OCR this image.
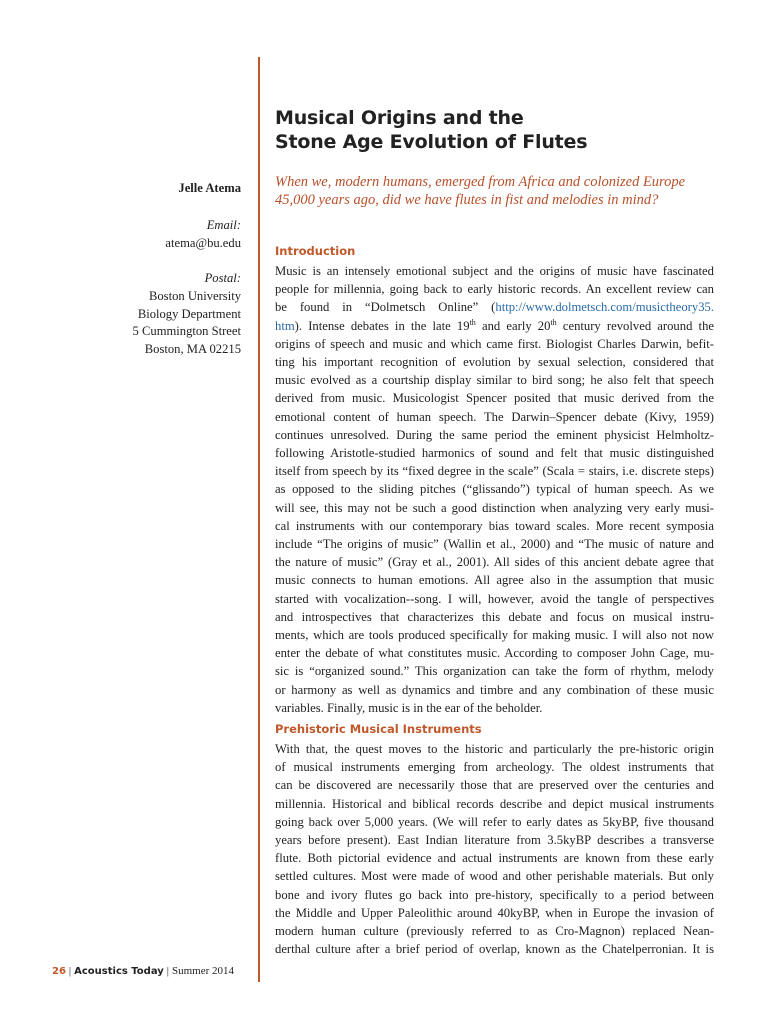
Musical Origins and the
Stone Age Evolution of Flutes

When we, modern humans, emerged from Africa and colonized Europe
45,000 years ago, did we have flutes in fist and melodies in mind?

Jelle Atema
Email:
atema@bu.edu
Postal:
Boston University
Biology Department
5 Cummington Street
Boston, MA 02215
Introduction
Music is an intensely emotional subject and the origins of music have fascinated
people for millennia, going back to early historic records. An excellent review can
be found in “Dolmetsch Online” (http://www.dolmetsch.com/musictheory35.
htm). Intense debates in the late 19th and early 20th century revolved around the
origins of speech and music and which came first. Biologist Charles Darwin, befit-
ting his important recognition of evolution by sexual selection, considered that
music evolved as a courtship display similar to bird song; he also felt that speech
derived from music. Musicologist Spencer posited that music derived from the
emotional content of human speech. The Darwin–Spencer debate (Kivy, 1959)
continues unresolved. During the same period the eminent physicist Helmholtz-
following Aristotle-studied harmonics of sound and felt that music distinguished
itself from speech by its “fixed degree in the scale” (Scala = stairs, i.e. discrete steps)
as opposed to the sliding pitches (“glissando”) typical of human speech. As we
will see, this may not be such a good distinction when analyzing very early musi-
cal instruments with our contemporary bias toward scales. More recent symposia
include “The origins of music” (Wallin et al., 2000) and “The music of nature and
the nature of music” (Gray et al., 2001). All sides of this ancient debate agree that
music connects to human emotions. All agree also in the assumption that music
started with vocalization--song. I will, however, avoid the tangle of perspectives
and introspectives that characterizes this debate and focus on musical instru-
ments, which are tools produced specifically for making music. I will also not now
enter the debate of what constitutes music. According to composer John Cage, mu-
sic is “organized sound.” This organization can take the form of rhythm, melody
or harmony as well as dynamics and timbre and any combination of these music
variables. Finally, music is in the ear of the beholder.
Prehistoric Musical Instruments
With that, the quest moves to the historic and particularly the pre-historic origin
of musical instruments emerging from archeology. The oldest instruments that
can be discovered are necessarily those that are preserved over the centuries and
millennia. Historical and biblical records describe and depict musical instruments
going back over 5,000 years. (We will refer to early dates as 5kyBP, five thousand
years before present). East Indian literature from 3.5kyBP describes a transverse
flute. Both pictorial evidence and actual instruments are known from these early
settled cultures. Most were made of wood and other perishable materials. But only
bone and ivory flutes go back into pre-history, specifically to a period between
the Middle and Upper Paleolithic around 40kyBP, when in Europe the invasion of
modern human culture (previously referred to as Cro-Magnon) replaced Nean-
derthal culture after a brief period of overlap, known as the Chatelperronian. It is
26 | Acoustics Today | Summer 2014
